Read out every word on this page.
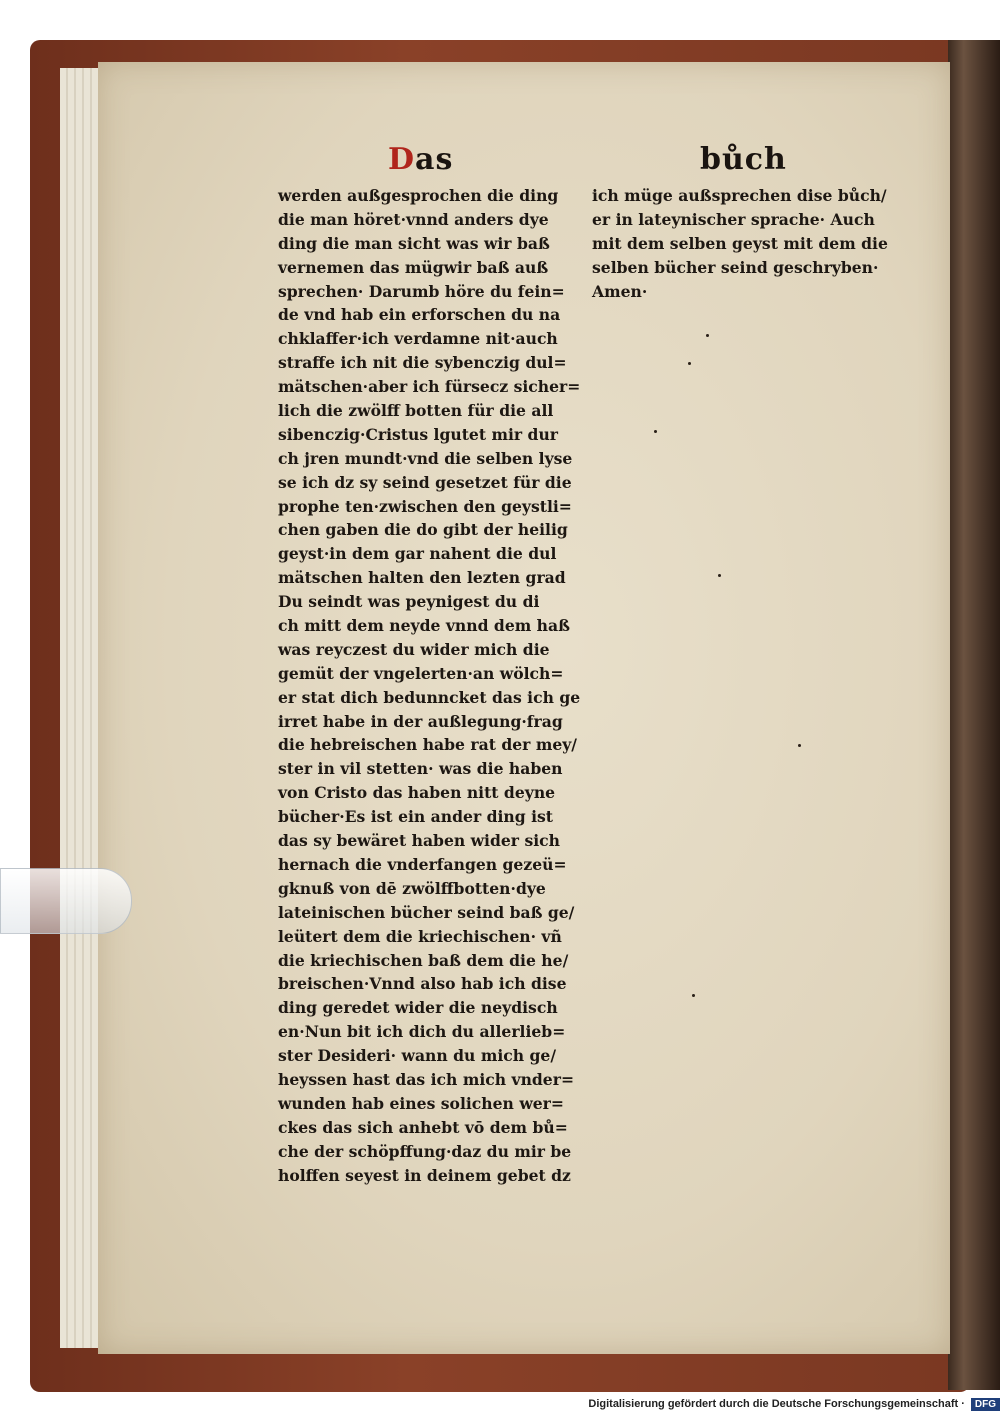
Das	bůch
werden außgesprochen die ding
die man höret·vnnd anders dye
ding die man sicht was wir baß
vernemen das mügwir baß auß
sprechen· Darumb höre du fein=
de vnd hab ein erforschen du na
chklaffer·ich verdamne nit·auch
straffe ich nit die sybenczig dul=
mätschen·aber ich fürsecz sicher=
lich die zwölff botten für die all
sibenczig·Cristus lgutet mir dur
ch jren mundt·vnd die selben lyse
se ich dz sy seind gesetzet für die
prophe ten·zwischen den geystli=
chen gaben die do gibt der heilig
geyst·in dem gar nahent die dul
mätschen halten den lezten grad
Du seindt was peynigest du di
ch mitt dem neyde vnnd dem haß
was reyczest du wider mich die
gemüt der vngelerten·an wölch=
er stat dich bedunncket das ich ge
irret habe in der außlegung·frag
die hebreischen habe rat der mey/
ster in vil stetten· was die haben
von Cristo das haben nitt deyne
bücher·Es ist ein ander ding ist
das sy bewäret haben wider sich
hernach die vnderfangen gezeü=
gknuß von dē zwölffbotten·dye
lateinischen bücher seind baß ge/
leütert dem die kriechischen· vñ
die kriechischen baß dem die he/
breischen·Vnnd also hab ich dise
ding geredet wider die neydisch
en·Nun bit ich dich du allerlieb=
ster Desideri· wann du mich ge/
heyssen hast das ich mich vnder=
wunden hab eines solichen wer=
ckes das sich anhebt vō dem bů=
che der schöpffung·daz du mir be
holffen seyest in deinem gebet dz
ich müge außsprechen dise bůch/
er in lateynischer sprache· Auch
mit dem selben geyst mit dem die
selben bücher seind geschryben·
Amen·
Digitalisierung gefördert durch die Deutsche Forschungsgemeinschaft ·	DFG
